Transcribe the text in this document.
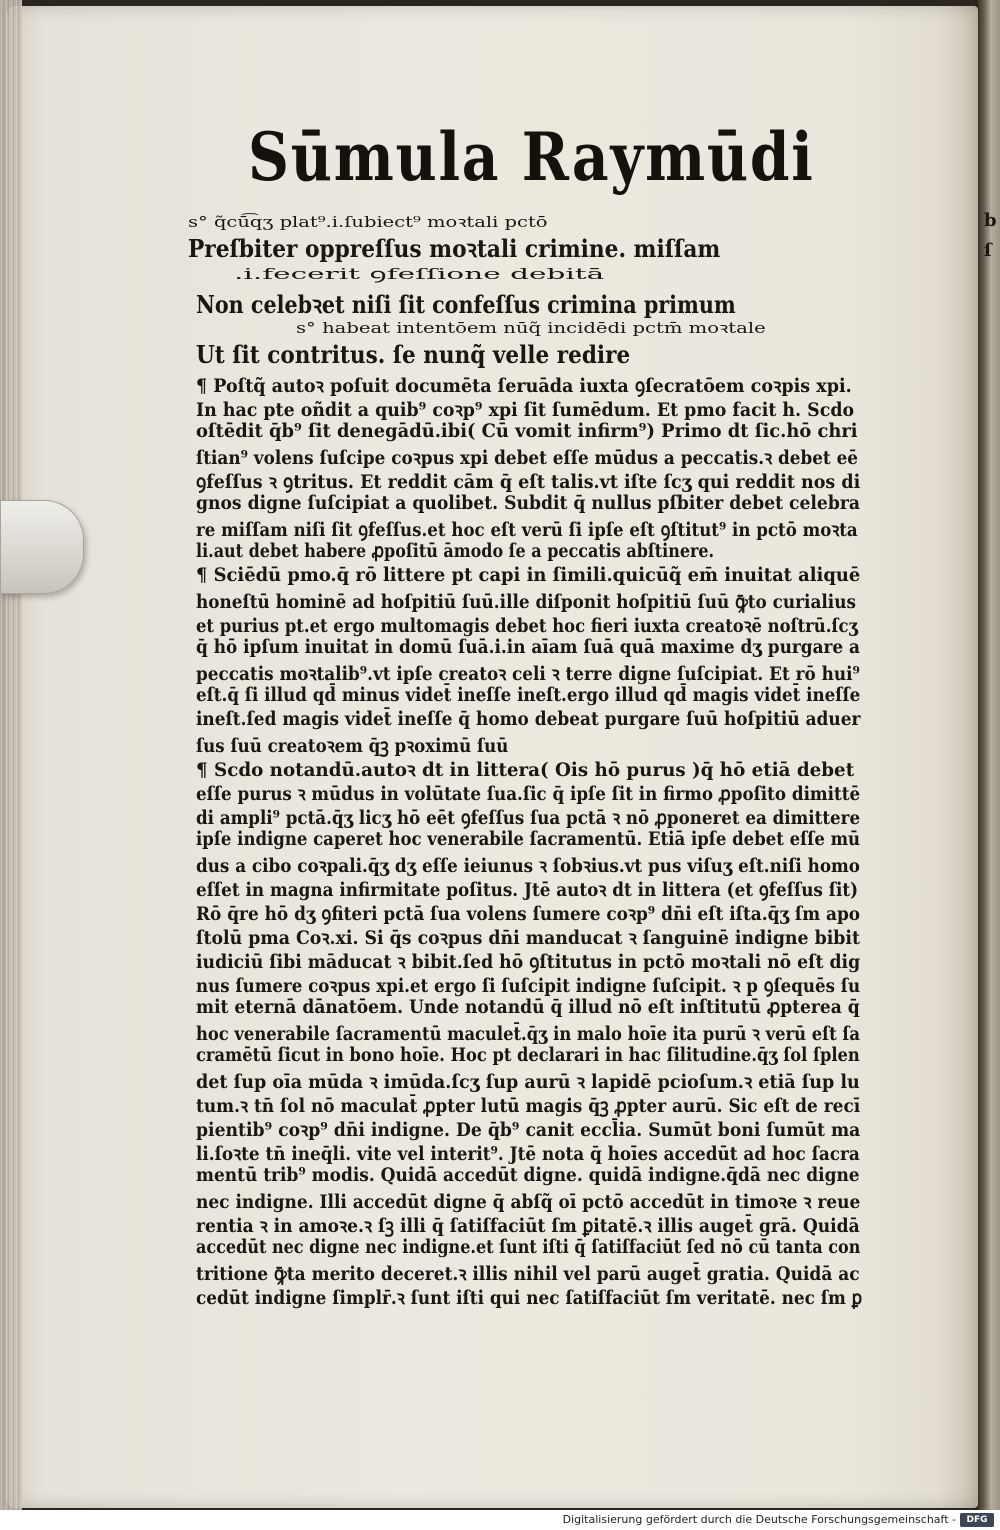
b
ſ
Sūmula Raymūdi
s° q̃cū͡qʒ plat⁹.i.ſubiect⁹ moꝛtali pctō
Preſbiter oppreſſus moꝛtali crimine. miſſam
.i.fecerit ꝯfeſſione debitā
Non celebꝛet niſi ſit confeſſus crimina primum
s° habeat intentōem nūq̃ incidēdi pctm̄ moꝛtale
Ut ſit contritus. ſe nunq̃ velle redire
¶ Poſtq̃ autoꝛ poſuit documēta ſeruāda iuxta ꝯſecratōem coꝛpis xpi.
In hac pte oñdit a quib⁹ coꝛp⁹ xpi ſit ſumēdum. Et pmo facit h. Scdo
oſtēdit q̄b⁹ ſit denegādū.ibi( Cū vomit infirm⁹) Primo dt ſic.hō chri
ſtian⁹ volens ſuſcipe coꝛpus xpi debet eſſe mūdus a peccatis.ꝛ debet eē
ꝯfeſſus ꝛ ꝯtritus. Et reddit cām q̄ eſt talis.vt iſte ſcʒ qui reddit nos di
gnos digne ſuſcipiat a quolibet. Subdit q̄ nullus pſbiter debet celebra
re miſſam niſi ſit ꝯfeſſus.et hoc eſt verū ſi ipſe eſt ꝯſtitut⁹ in pctō moꝛta
li.aut debet habere ꝓpoſitū āmodo ſe a peccatis abſtinere.
¶ Sciēdū pmo.q̄ rō littere pt capi in ſimili.quicūq̃ em̄ inuitat aliquē
honeſtū hominē ad hoſpitiū ſuū.ille diſponit hoſpitiū ſuū ꝙ̄to curialius
et purius pt.et ergo multomagis debet hoc fieri iuxta creatoꝛē noſtrū.ſcʒ
q̄ hō ipſum inuitat in domū ſuā.i.in aīam ſuā quā maxime dʒ purgare a
peccatis moꝛtalib⁹.vt ipſe creatoꝛ celi ꝛ terre digne ſuſcipiat. Et rō hui⁹
eſt.q̄ ſi illud qd̄ minus videt̄ ineſſe ineſt.ergo illud qd̄ magis videt̄ ineſſe
ineſt.ſed magis videt̄ ineſſe q̄ homo debeat purgare ſuū hoſpitiū aduer
ſus ſuū creatoꝛem q̄ꝫ pꝛoximū ſuū
¶ Scdo notandū.autoꝛ dt in littera( Ois hō purus )q̄ hō etiā debet
eſſe purus ꝛ mūdus in volūtate ſua.ſic q̄ ipſe ſit in firmo ꝓpoſito dimittē
di ampli⁹ pctā.q̄ʒ licʒ hō eēt ꝯfeſſus ſua pctā ꝛ nō ꝓponeret ea dimittere
ipſe indigne caperet hoc venerabile ſacramentū. Etiā ipſe debet eſſe mū
dus a cibo coꝛpali.q̄ʒ dʒ eſſe ieiunus ꝛ ſobꝛius.vt pus viſuʒ eſt.niſi homo
eſſet in magna infirmitate poſitus. Jtē autoꝛ dt in littera (et ꝯfeſſus ſit)
Rō q̄re hō dʒ ꝯfiteri pctā ſua volens ſumere coꝛp⁹ dn̄i eſt iſta.q̄ʒ ſm apo
ſtolū pma Coꝛ.xi. Si q̄s coꝛpus dn̄i manducat ꝛ ſanguinē indigne bibit
iudiciū ſibi māducat ꝛ bibit.ſed hō ꝯſtitutus in pctō moꝛtali nō eſt dig
nus ſumere coꝛpus xpi.et ergo ſi ſuſcipit indigne ſuſcipit. ꝛ p ꝯſequēs ſu
mit eternā dānatōem. Unde notandū q̄ illud nō eſt inſtitutū ꝓpterea q̄
hoc venerabile ſacramentū maculet̄.q̄ʒ in malo hoīe ita purū ꝛ verū eſt ſa
cramētū ſicut in bono hoīe. Hoc pt declarari in hac ſilitudine.q̄ʒ ſol ſplen
det ſup oīa mūda ꝛ imūda.ſcʒ ſup aurū ꝛ lapidē pcioſum.ꝛ etiā ſup lu
tum.ꝛ tn̄ ſol nō maculat̄ ꝓpter lutū magis q̄ꝫ ꝓpter aurū. Sic eſt de recī
pientib⁹ coꝛp⁹ dn̄i indigne. De q̄b⁹ canit eccl̄ia. Sumūt boni ſumūt ma
li.ſoꝛte tn̄ ineq̄li. vite vel interit⁹. Jtē nota q̄ hoīes accedūt ad hoc ſacra
mentū trib⁹ modis. Quidā accedūt digne. quidā indigne.q̄dā nec digne
nec indigne. Illi accedūt digne q̄ abſq̃ oī pctō accedūt in timoꝛe ꝛ reue
rentia ꝛ in amoꝛe.ꝛ ſꝫ illi q̄ ſatiſfaciūt ſm ꝑitatē.ꝛ illis auget̄ grā. Quidā
accedūt nec digne nec indigne.et ſunt iſti q̄ ſatiſfaciūt ſed nō cū tanta con
tritione ꝙ̄ta merito deceret.ꝛ illis nihil vel parū auget̄ gratia. Quidā ac
cedūt indigne ſimplr̄.ꝛ ſunt iſti qui nec ſatiſfaciūt ſm veritatē. nec ſm ꝑ
Digitalisierung gefördert durch die Deutsche Forschungsgemeinschaft -	DFG
